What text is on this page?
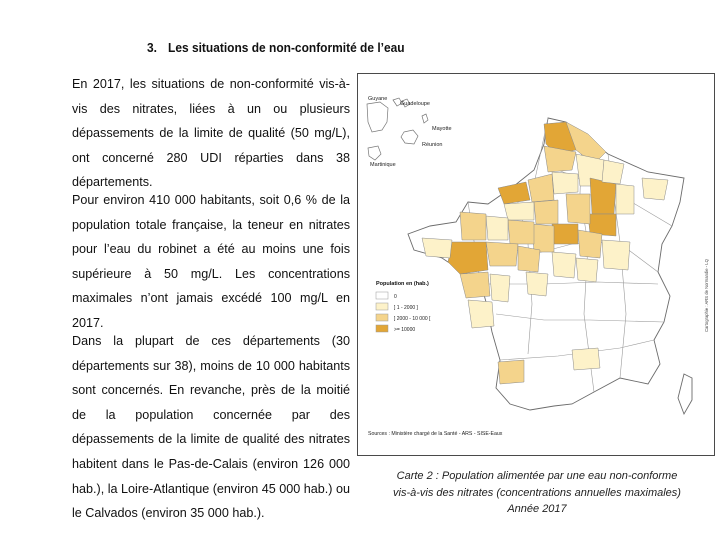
3. Les situations de non-conformité de l’eau

En 2017, les situations de non-conformité vis-à-vis des nitrates, liées à un ou plusieurs dépassements de la limite de qualité (50 mg/L), ont concerné 280 UDI réparties dans 38 départements.

Pour environ 410 000 habitants, soit 0,6 % de la population totale française, la teneur en nitrates pour l’eau du robinet a été au moins une fois supérieure à 50 mg/L. Les concentrations maximales n’ont jamais excédé 100 mg/L en 2017.

Dans la plupart de ces départements (30 départements sur 38), moins de 10 000 habitants sont concernés. En revanche, près de la moitié de la population concernée par des dépassements de la limite de qualité des nitrates habitent dans le Pas-de-Calais (environ 126 000 hab.), la Loire-Atlantique (environ 45 000 hab.) ou le Calvados (environ 35 000 hab.).

Guyane
Guadeloupe
Mayotte
Réunion
Martinique
Population en (hab.)
0
] 1 - 2000 ]
] 2000 - 10 000 [
>= 10000	Cartographie : ARS de Normandie - LQ
Sources : Ministère chargé de la Santé - ARS - SISE-Eaux
Carte 2 : Population alimentée par une eau non-conforme
vis-à-vis des nitrates (concentrations annuelles maximales)
Année 2017
